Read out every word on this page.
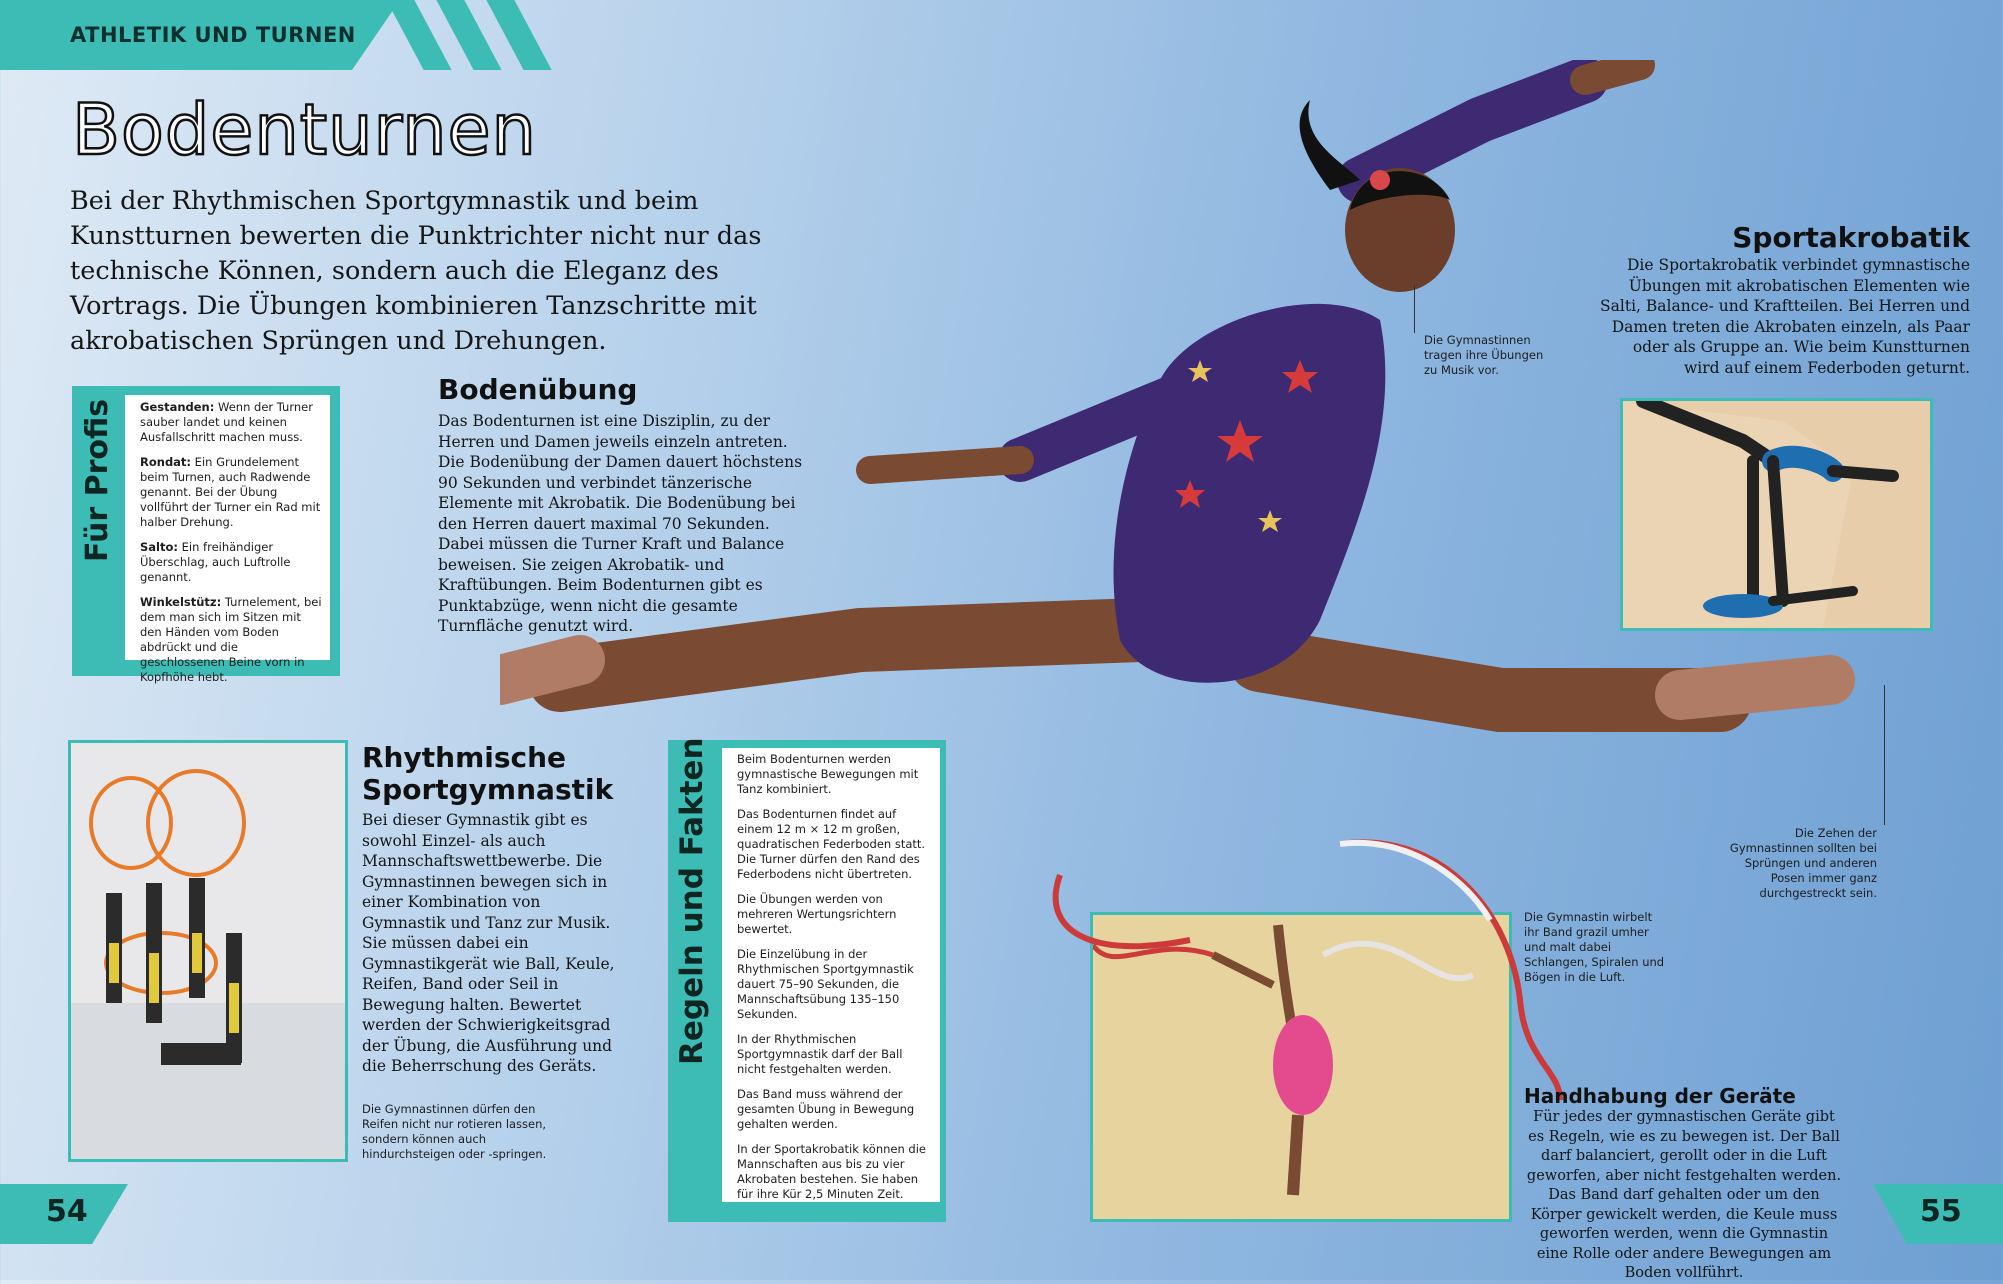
ATHLETIK UND TURNEN
Bodenturnen
Bei der Rhythmischen Sportgymnastik und beim Kunstturnen bewerten die Punktrichter nicht nur das technische Können, sondern auch die Eleganz des Vortrags. Die Übungen kombinieren Tanzschritte mit akrobatischen Sprüngen und Drehungen.
Für Profis Gestanden: Wenn der Turner sauber landet und keinen Ausfallschritt machen muss.

Rondat: Ein Grundelement beim Turnen, auch Radwende genannt. Bei der Übung vollführt der Turner ein Rad mit halber Drehung.

Salto: Ein freihändiger Überschlag, auch Luftrolle genannt.

Winkelstütz: Turnelement, bei dem man sich im Sitzen mit den Händen vom Boden abdrückt und die geschlossenen Beine vorn in Kopfhöhe hebt.

Bodenübung
Das Bodenturnen ist eine Disziplin, zu der Herren und Damen jeweils einzeln antreten. Die Bodenübung der Damen dauert höchstens 90 Sekunden und verbindet tänzerische Elemente mit Akrobatik. Die Bodenübung bei den Herren dauert maximal 70 Sekunden. Dabei müssen die Turner Kraft und Balance beweisen. Sie zeigen Akrobatik- und Kraftübungen. Beim Bodenturnen gibt es Punktabzüge, wenn nicht die gesamte Turnfläche genutzt wird.
Rhythmische Sportgymnastik
Bei dieser Gymnastik gibt es sowohl Einzel- als auch Mannschaftswettbewerbe. Die Gymnastinnen bewegen sich in einer Kombination von Gymnastik und Tanz zur Musik. Sie müssen dabei ein Gymnastikgerät wie Ball, Keule, Reifen, Band oder Seil in Bewegung halten. Bewertet werden der Schwierigkeitsgrad der Übung, die Ausführung und die Beherrschung des Geräts.
Die Gymnastinnen dürfen den Reifen nicht nur rotieren lassen, sondern können auch hindurchsteigen oder -springen.
Regeln und Fakten Beim Bodenturnen werden gymnastische Bewegungen mit Tanz kombiniert.

Das Bodenturnen findet auf einem 12 m × 12 m großen, quadratischen Federboden statt. Die Turner dürfen den Rand des Federbodens nicht übertreten.

Die Übungen werden von mehreren Wertungsrichtern bewertet.

Die Einzelübung in der Rhythmischen Sportgymnastik dauert 75–90 Sekunden, die Mannschaftsübung 135–150 Sekunden.

In der Rhythmischen Sportgymnastik darf der Ball nicht festgehalten werden.

Das Band muss während der gesamten Übung in Bewegung gehalten werden.

In der Sportakrobatik können die Mannschaften aus bis zu vier Akrobaten bestehen. Sie haben für ihre Kür 2,5 Minuten Zeit.

Die Gymnastinnen tragen ihre Übungen zu Musik vor.
Sportakrobatik
Die Sportakrobatik verbindet gymnastische Übungen mit akrobatischen Elementen wie Salti, Balance- und Kraftteilen. Bei Herren und Damen treten die Akrobaten einzeln, als Paar oder als Gruppe an. Wie beim Kunstturnen wird auf einem Federboden geturnt.
Die Zehen der Gymnastinnen sollten bei Sprüngen und anderen Posen immer ganz durchgestreckt sein.
Die Gymnastin wirbelt ihr Band grazil umher und malt dabei Schlangen, Spiralen und Bögen in die Luft.
Handhabung der Geräte
Für jedes der gymnastischen Geräte gibt es Regeln, wie es zu bewegen ist. Der Ball darf balanciert, gerollt oder in die Luft geworfen, aber nicht festgehalten werden. Das Band darf gehalten oder um den Körper gewickelt werden, die Keule muss geworfen werden, wenn die Gymnastin eine Rolle oder andere Bewegungen am Boden vollführt.
54	55
